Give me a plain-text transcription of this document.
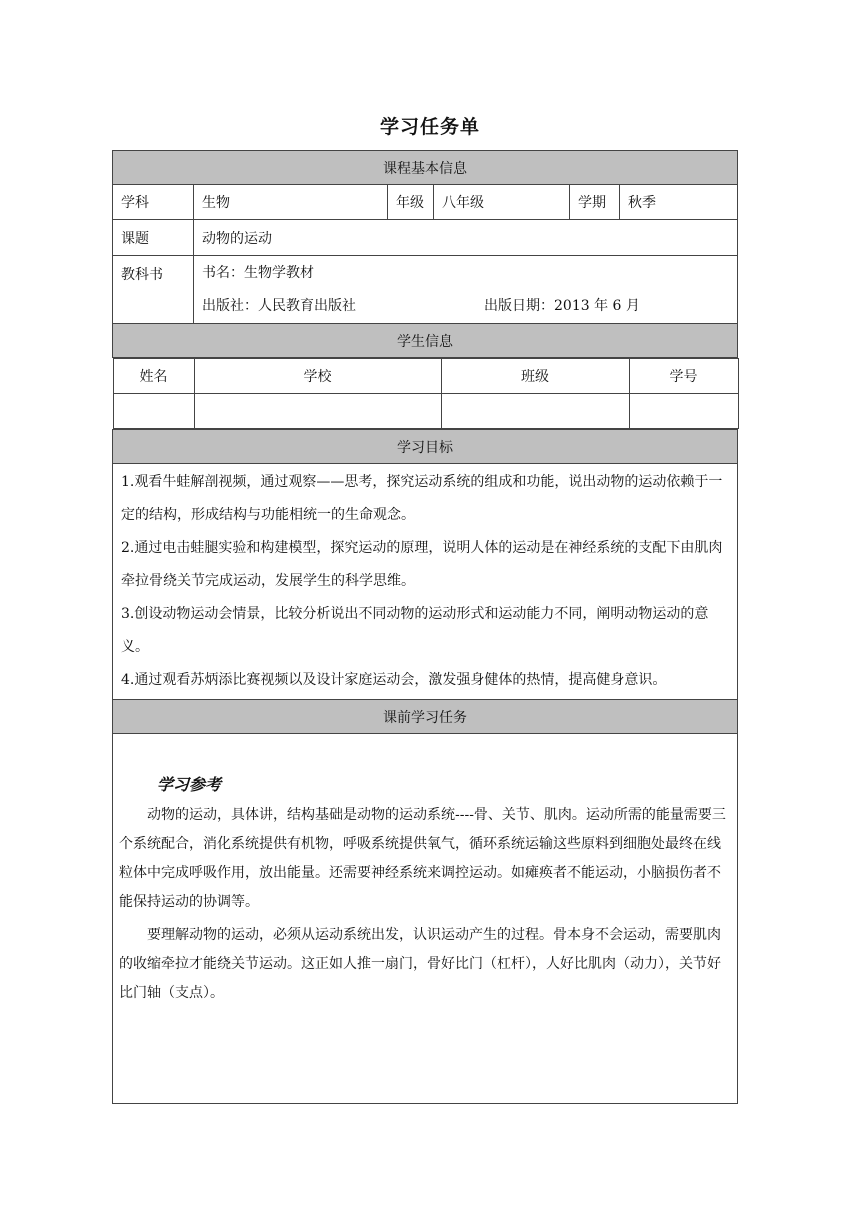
学习任务单
课程基本信息
学科	生物	年级	八年级	学期	秋季
课题	动物的运动
教科书	书名：生物学教材
出版社：人民教育出版社	出版日期：2013 年 6 月

学生信息

姓名	学校	班级	学号

学习目标

1.观看牛蛙解剖视频，通过观察——思考，探究运动系统的组成和功能，说出动物的运动依赖于一定的结构，形成结构与功能相统一的生命观念。

2.通过电击蛙腿实验和构建模型，探究运动的原理，说明人体的运动是在神经系统的支配下由肌肉牵拉骨绕关节完成运动，发展学生的科学思维。

3.创设动物运动会情景，比较分析说出不同动物的运动形式和运动能力不同，阐明动物运动的意义。

4.通过观看苏炳添比赛视频以及设计家庭运动会，激发强身健体的热情，提高健身意识。

课前学习任务

学习参考

动物的运动，具体讲，结构基础是动物的运动系统----骨、关节、肌肉。运动所需的能量需要三个系统配合，消化系统提供有机物，呼吸系统提供氧气，循环系统运输这些原料到细胞处最终在线粒体中完成呼吸作用，放出能量。还需要神经系统来调控运动。如瘫痪者不能运动，小脑损伤者不能保持运动的协调等。

要理解动物的运动，必须从运动系统出发，认识运动产生的过程。骨本身不会运动，需要肌肉的收缩牵拉才能绕关节运动。这正如人推一扇门，骨好比门（杠杆），人好比肌肉（动力），关节好比门轴（支点）。
